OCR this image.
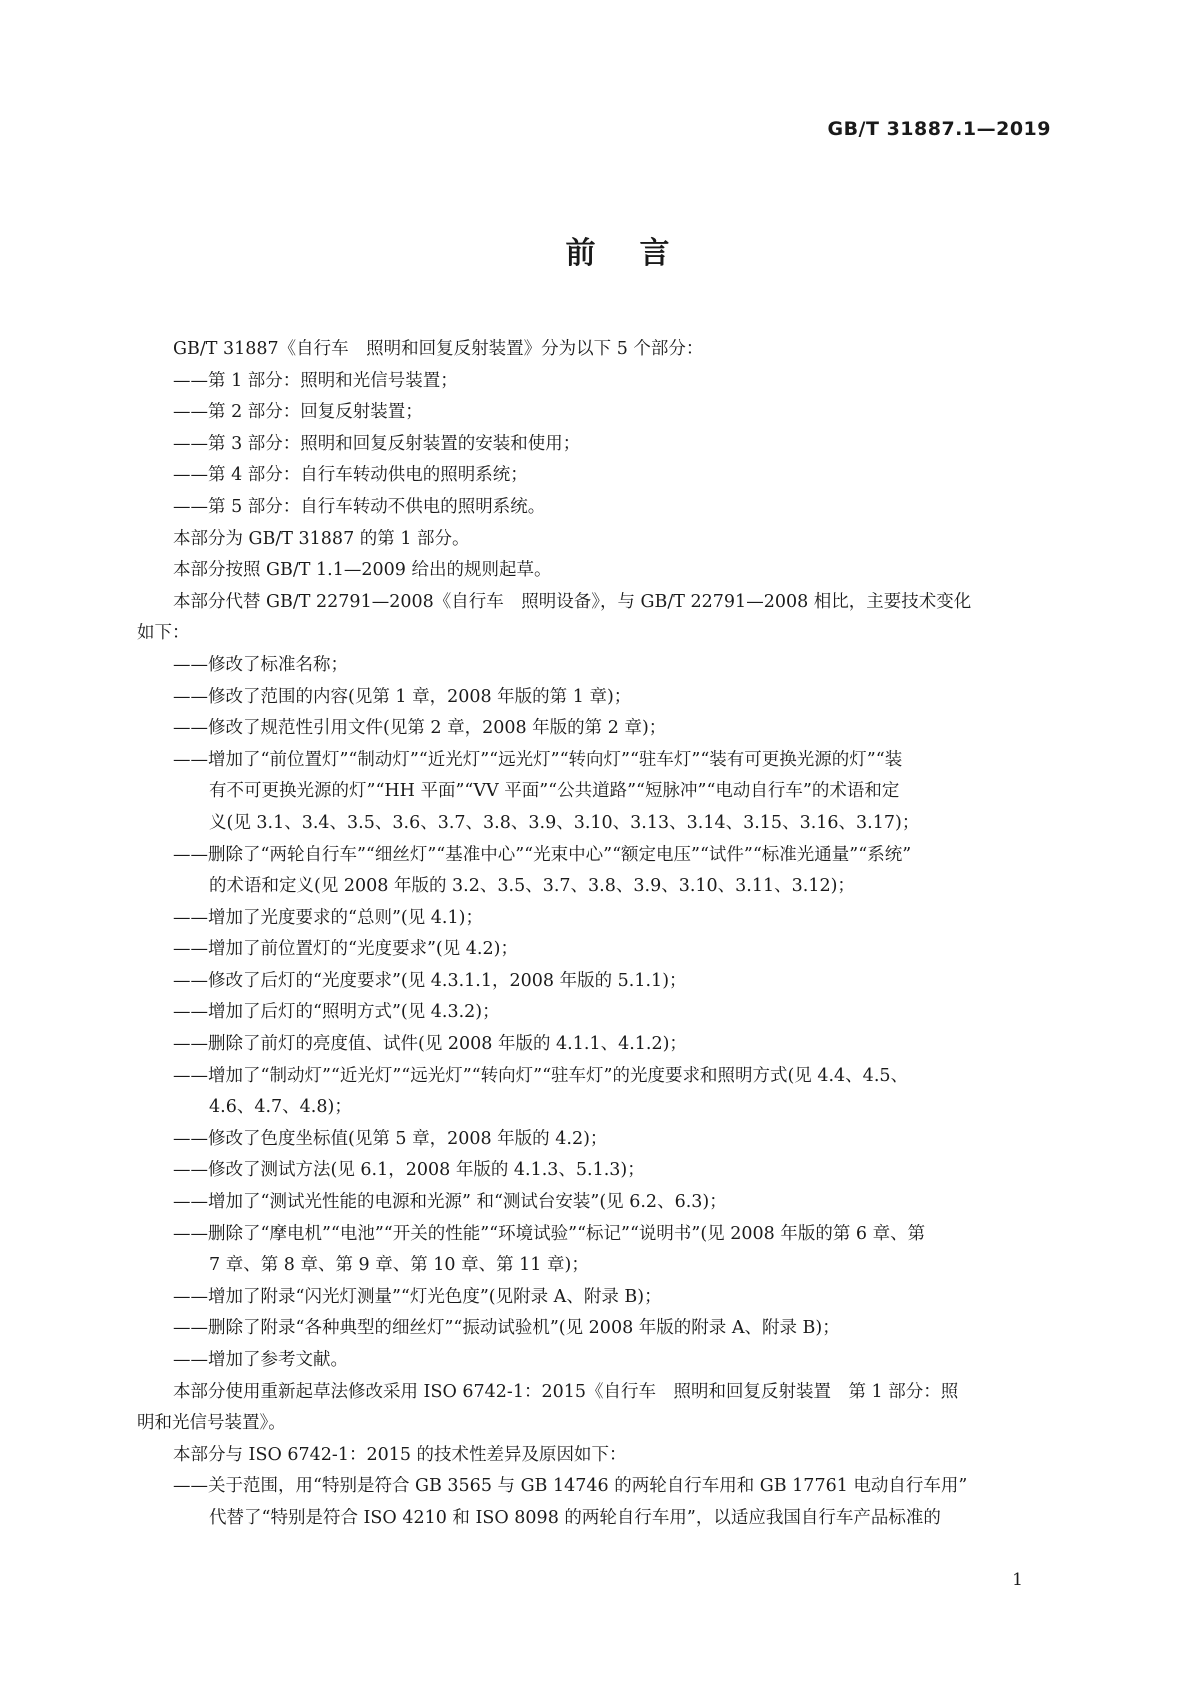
GB/T 31887.1—2019
前言
GB/T 31887《自行车　照明和回复反射装置》分为以下 5 个部分：
——第 1 部分：照明和光信号装置；
——第 2 部分：回复反射装置；
——第 3 部分：照明和回复反射装置的安装和使用；
——第 4 部分：自行车转动供电的照明系统；
——第 5 部分：自行车转动不供电的照明系统。
本部分为 GB/T 31887 的第 1 部分。
本部分按照 GB/T 1.1—2009 给出的规则起草。
本部分代替 GB/T 22791—2008《自行车　照明设备》，与 GB/T 22791—2008 相比，主要技术变化
如下：
——修改了标准名称；
——修改了范围的内容(见第 1 章，2008 年版的第 1 章)；
——修改了规范性引用文件(见第 2 章，2008 年版的第 2 章)；
——增加了“前位置灯”“制动灯”“近光灯”“远光灯”“转向灯”“驻车灯”“装有可更换光源的灯”“装
有不可更换光源的灯”“HH 平面”“VV 平面”“公共道路”“短脉冲”“电动自行车”的术语和定
义(见 3.1、3.4、3.5、3.6、3.7、3.8、3.9、3.10、3.13、3.14、3.15、3.16、3.17)；
——删除了“两轮自行车”“细丝灯”“基准中心”“光束中心”“额定电压”“试件”“标准光通量”“系统”
的术语和定义(见 2008 年版的 3.2、3.5、3.7、3.8、3.9、3.10、3.11、3.12)；
——增加了光度要求的“总则”(见 4.1)；
——增加了前位置灯的“光度要求”(见 4.2)；
——修改了后灯的“光度要求”(见 4.3.1.1，2008 年版的 5.1.1)；
——增加了后灯的“照明方式”(见 4.3.2)；
——删除了前灯的亮度值、试件(见 2008 年版的 4.1.1、4.1.2)；
——增加了“制动灯”“近光灯”“远光灯”“转向灯”“驻车灯”的光度要求和照明方式(见 4.4、4.5、
4.6、4.7、4.8)；
——修改了色度坐标值(见第 5 章，2008 年版的 4.2)；
——修改了测试方法(见 6.1，2008 年版的 4.1.3、5.1.3)；
——增加了“测试光性能的电源和光源” 和“测试台安装”(见 6.2、6.3)；
——删除了“摩电机”“电池”“开关的性能”“环境试验”“标记”“说明书”(见 2008 年版的第 6 章、第
7 章、第 8 章、第 9 章、第 10 章、第 11 章)；
——增加了附录“闪光灯测量”“灯光色度”(见附录 A、附录 B)；
——删除了附录“各种典型的细丝灯”“振动试验机”(见 2008 年版的附录 A、附录 B)；
——增加了参考文献。
本部分使用重新起草法修改采用 ISO 6742-1：2015《自行车　照明和回复反射装置　第 1 部分：照
明和光信号装置》。
本部分与 ISO 6742-1：2015 的技术性差异及原因如下：
——关于范围，用“特别是符合 GB 3565 与 GB 14746 的两轮自行车用和 GB 17761 电动自行车用”
代替了“特别是符合 ISO 4210 和 ISO 8098 的两轮自行车用”，以适应我国自行车产品标准的
1
